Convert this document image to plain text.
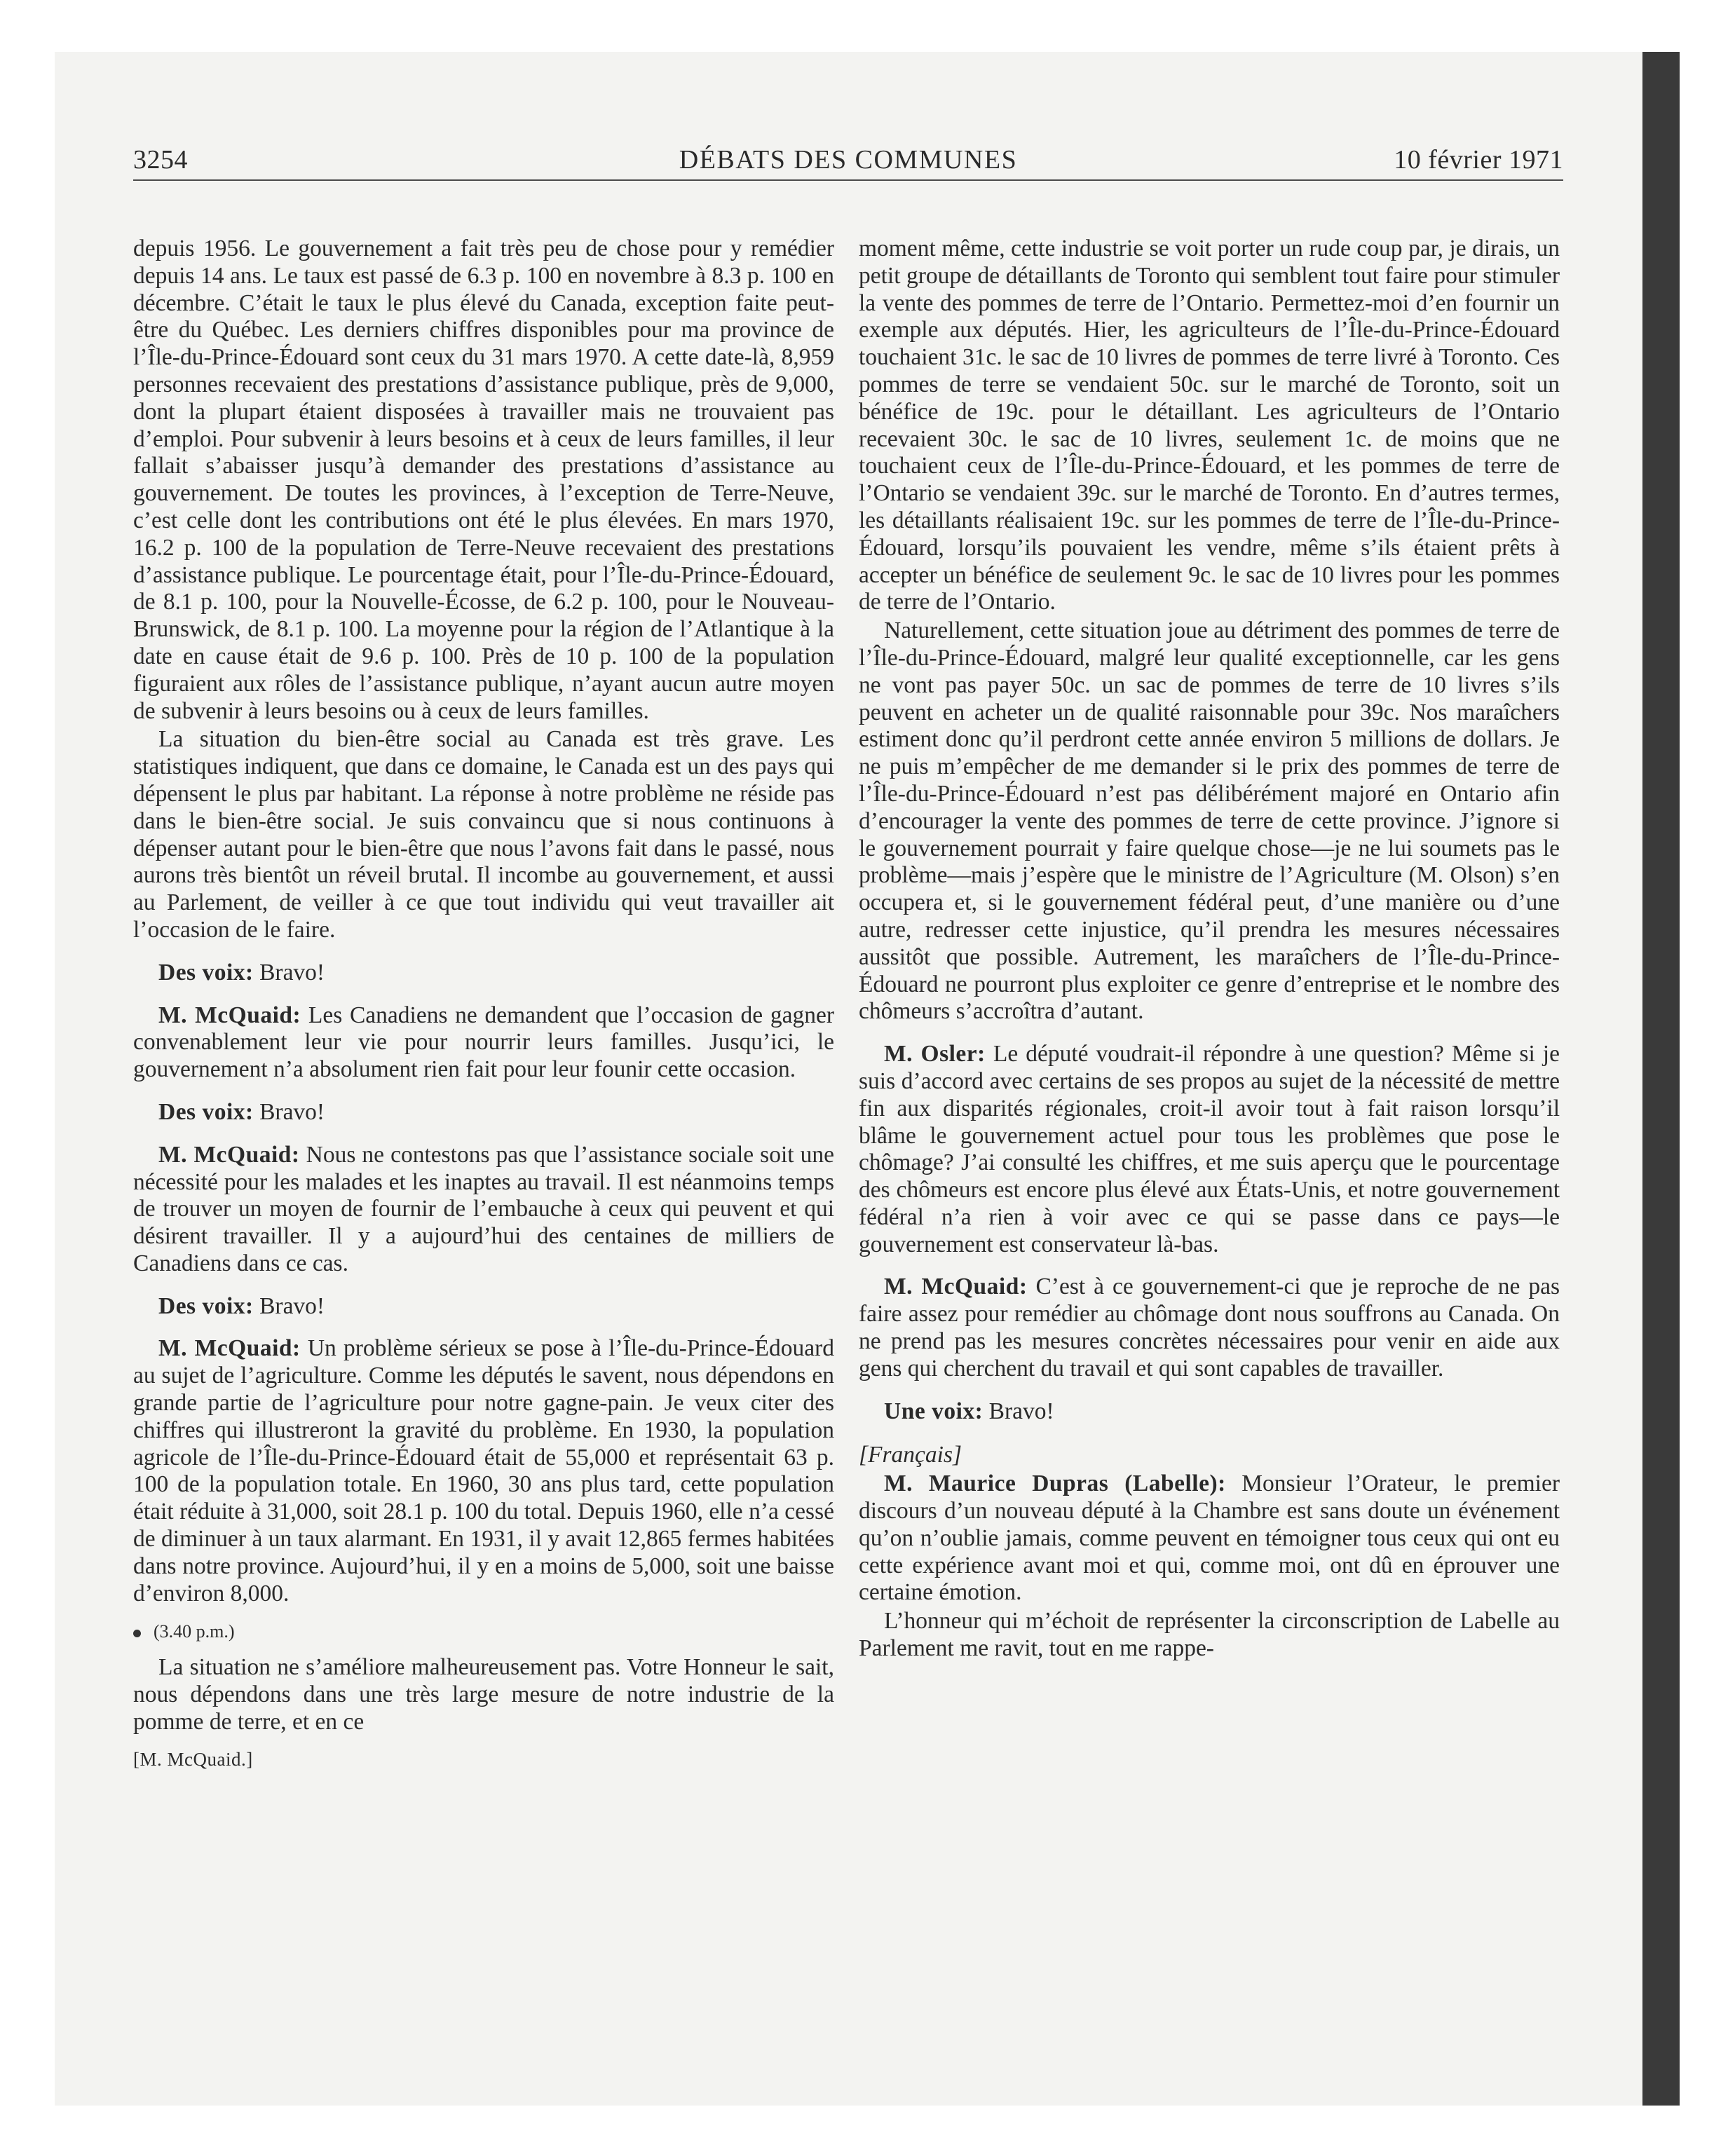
3254	DÉBATS DES COMMUNES	10 février 1971

depuis 1956. Le gouvernement a fait très peu de chose pour y remédier depuis 14 ans. Le taux est passé de 6.3 p. 100 en novembre à 8.3 p. 100 en décembre. C’était le taux le plus élevé du Canada, exception faite peut-être du Québec. Les derniers chiffres disponibles pour ma province de l’Île-du-Prince-Édouard sont ceux du 31 mars 1970. A cette date-là, 8,959 personnes recevaient des prestations d’assistance publique, près de 9,000, dont la plupart étaient disposées à travailler mais ne trouvaient pas d’emploi. Pour subvenir à leurs besoins et à ceux de leurs familles, il leur fallait s’abaisser jusqu’à demander des prestations d’assistance au gouvernement. De toutes les provinces, à l’exception de Terre-Neuve, c’est celle dont les contributions ont été le plus élevées. En mars 1970, 16.2 p. 100 de la population de Terre-Neuve recevaient des prestations d’assistance publique. Le pourcentage était, pour l’Île-du-Prince-Édouard, de 8.1 p. 100, pour la Nouvelle-Écosse, de 6.2 p. 100, pour le Nouveau-Brunswick, de 8.1 p. 100. La moyenne pour la région de l’Atlantique à la date en cause était de 9.6 p. 100. Près de 10 p. 100 de la population figuraient aux rôles de l’assistance publique, n’ayant aucun autre moyen de subvenir à leurs besoins ou à ceux de leurs familles.

La situation du bien-être social au Canada est très grave. Les statistiques indiquent, que dans ce domaine, le Canada est un des pays qui dépensent le plus par habitant. La réponse à notre problème ne réside pas dans le bien-être social. Je suis convaincu que si nous continuons à dépenser autant pour le bien-être que nous l’avons fait dans le passé, nous aurons très bientôt un réveil brutal. Il incombe au gouvernement, et aussi au Parlement, de veiller à ce que tout individu qui veut travailler ait l’occasion de le faire.

Des voix: Bravo!

M. McQuaid: Les Canadiens ne demandent que l’occasion de gagner convenablement leur vie pour nourrir leurs familles. Jusqu’ici, le gouvernement n’a absolument rien fait pour leur founir cette occasion.

Des voix: Bravo!

M. McQuaid: Nous ne contestons pas que l’assistance sociale soit une nécessité pour les malades et les inaptes au travail. Il est néanmoins temps de trouver un moyen de fournir de l’embauche à ceux qui peuvent et qui désirent travailler. Il y a aujourd’hui des centaines de milliers de Canadiens dans ce cas.

Des voix: Bravo!

M. McQuaid: Un problème sérieux se pose à l’Île-du-Prince-Édouard au sujet de l’agriculture. Comme les députés le savent, nous dépendons en grande partie de l’agriculture pour notre gagne-pain. Je veux citer des chiffres qui illustreront la gravité du problème. En 1930, la population agricole de l’Île-du-Prince-Édouard était de 55,000 et représentait 63 p. 100 de la population totale. En 1960, 30 ans plus tard, cette population était réduite à 31,000, soit 28.1 p. 100 du total. Depuis 1960, elle n’a cessé de diminuer à un taux alarmant. En 1931, il y avait 12,865 fermes habitées dans notre province. Aujourd’hui, il y en a moins de 5,000, soit une baisse d’environ 8,000.

(3.40 p.m.)

La situation ne s’améliore malheureusement pas. Votre Honneur le sait, nous dépendons dans une très large mesure de notre industrie de la pomme de terre, et en ce

[M. McQuaid.]

moment même, cette industrie se voit porter un rude coup par, je dirais, un petit groupe de détaillants de Toronto qui semblent tout faire pour stimuler la vente des pommes de terre de l’Ontario. Permettez-moi d’en fournir un exemple aux députés. Hier, les agriculteurs de l’Île-du-Prince-Édouard touchaient 31c. le sac de 10 livres de pommes de terre livré à Toronto. Ces pommes de terre se vendaient 50c. sur le marché de Toronto, soit un bénéfice de 19c. pour le détaillant. Les agriculteurs de l’Ontario recevaient 30c. le sac de 10 livres, seulement 1c. de moins que ne touchaient ceux de l’Île-du-Prince-Édouard, et les pommes de terre de l’Ontario se vendaient 39c. sur le marché de Toronto. En d’autres termes, les détaillants réalisaient 19c. sur les pommes de terre de l’Île-du-Prince-Édouard, lorsqu’ils pouvaient les vendre, même s’ils étaient prêts à accepter un bénéfice de seulement 9c. le sac de 10 livres pour les pommes de terre de l’Ontario.

Naturellement, cette situation joue au détriment des pommes de terre de l’Île-du-Prince-Édouard, malgré leur qualité exceptionnelle, car les gens ne vont pas payer 50c. un sac de pommes de terre de 10 livres s’ils peuvent en acheter un de qualité raisonnable pour 39c. Nos maraîchers estiment donc qu’il perdront cette année environ 5 millions de dollars. Je ne puis m’empêcher de me demander si le prix des pommes de terre de l’Île-du-Prince-Édouard n’est pas délibérément majoré en Ontario afin d’encourager la vente des pommes de terre de cette province. J’ignore si le gouvernement pourrait y faire quelque chose—je ne lui soumets pas le problème—mais j’espère que le ministre de l’Agriculture (M. Olson) s’en occupera et, si le gouvernement fédéral peut, d’une manière ou d’une autre, redresser cette injustice, qu’il prendra les mesures nécessaires aussitôt que possible. Autrement, les maraîchers de l’Île-du-Prince-Édouard ne pourront plus exploiter ce genre d’entreprise et le nombre des chômeurs s’accroîtra d’autant.

M. Osler: Le député voudrait-il répondre à une question? Même si je suis d’accord avec certains de ses propos au sujet de la nécessité de mettre fin aux disparités régionales, croit-il avoir tout à fait raison lorsqu’il blâme le gouvernement actuel pour tous les problèmes que pose le chômage? J’ai consulté les chiffres, et me suis aperçu que le pourcentage des chômeurs est encore plus élevé aux États-Unis, et notre gouvernement fédéral n’a rien à voir avec ce qui se passe dans ce pays—le gouvernement est conservateur là-bas.

M. McQuaid: C’est à ce gouvernement-ci que je reproche de ne pas faire assez pour remédier au chômage dont nous souffrons au Canada. On ne prend pas les mesures concrètes nécessaires pour venir en aide aux gens qui cherchent du travail et qui sont capables de travailler.

Une voix: Bravo!

[Français]

M. Maurice Dupras (Labelle): Monsieur l’Orateur, le premier discours d’un nouveau député à la Chambre est sans doute un événement qu’on n’oublie jamais, comme peuvent en témoigner tous ceux qui ont eu cette expérience avant moi et qui, comme moi, ont dû en éprouver une certaine émotion.

L’honneur qui m’échoit de représenter la circonscription de Labelle au Parlement me ravit, tout en me rappe-
